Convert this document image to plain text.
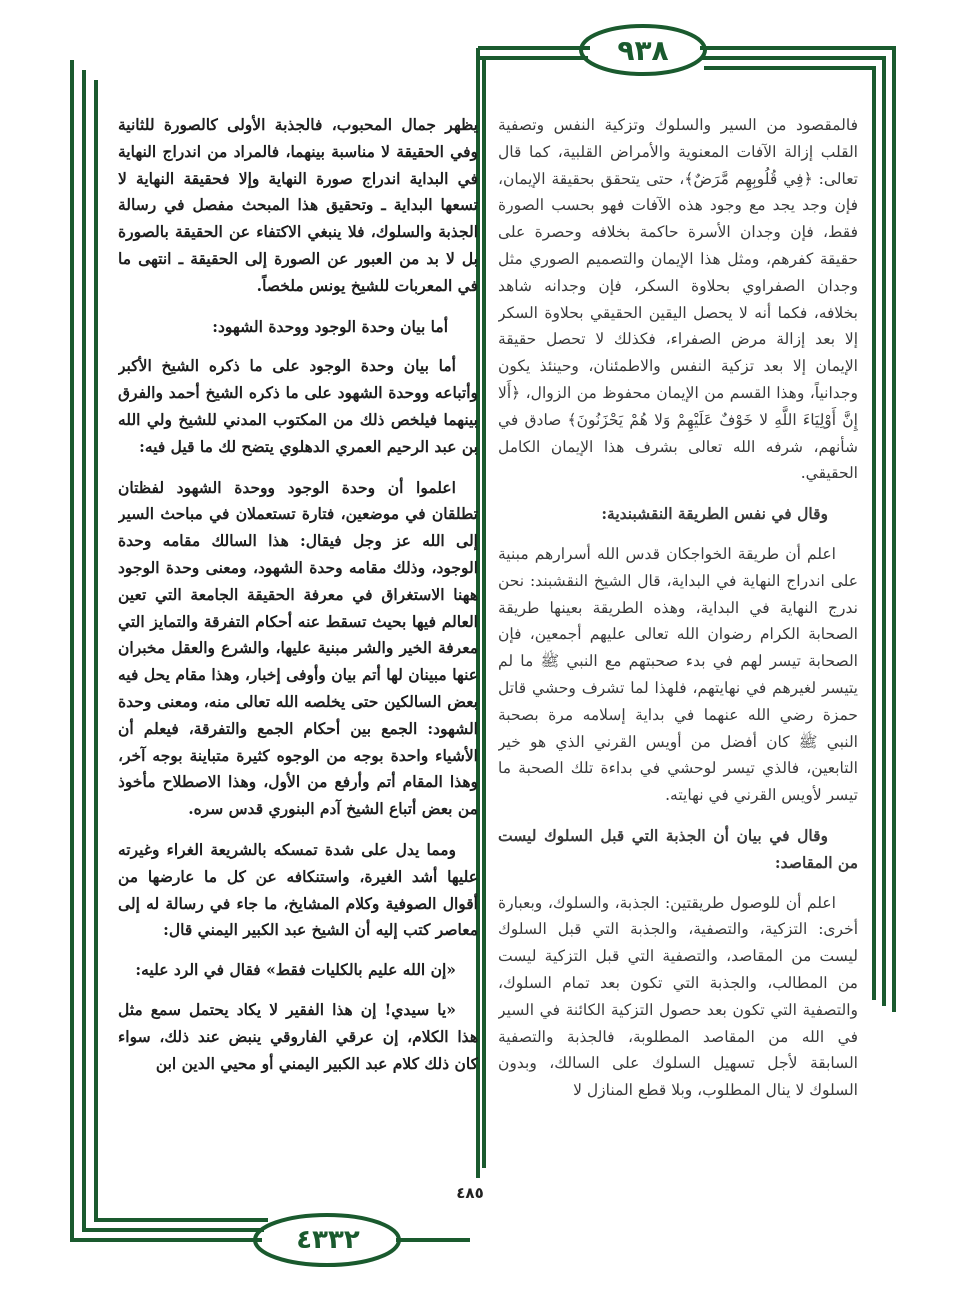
٩٣٨
٤٨٥
٤٣٣٢

فالمقصود من السير والسلوك وتزكية النفس وتصفية القلب إزالة الآفات المعنوية والأمراض القلبية، كما قال تعالى: ﴿فِي قُلُوبِهِم مَّرَضٌ﴾، حتى يتحقق بحقيقة الإيمان، فإن وجد يجد مع وجود هذه الآفات فهو بحسب الصورة فقط، فإن وجدان الأسرة حاكمة بخلافه وحصرة على حقيقة كفرهم، ومثل هذا الإيمان والتصميم الصوري مثل وجدان الصفراوي بحلاوة السكر، فإن وجدانه شاهد بخلافه، فكما أنه لا يحصل اليقين الحقيقي بحلاوة السكر إلا بعد إزالة مرض الصفراء، فكذلك لا تحصل حقيقة الإيمان إلا بعد تزكية النفس والاطمئنان، وحينئذ يكون وجدانياً، وهذا القسم من الإيمان محفوظ من الزوال، ﴿أَلا إِنَّ أَوْلِيَاءَ اللَّهِ لا خَوْفٌ عَلَيْهِمْ وَلا هُمْ يَحْزَنُونَ﴾ صادق في شأنهم، شرفه الله تعالى بشرف هذا الإيمان الكامل الحقيقي.

وقال في نفس الطريقة النقشبندية:

اعلم أن طريقة الخواجكان قدس الله أسرارهم مبنية على اندراج النهاية في البداية، قال الشيخ النقشبند: نحن ندرج النهاية في البداية، وهذه الطريقة بعينها طريقة الصحابة الكرام رضوان الله تعالى عليهم أجمعين، فإن الصحابة تيسر لهم في بدء صحبتهم مع النبي ﷺ ما لم يتيسر لغيرهم في نهايتهم، فلهذا لما تشرف وحشي قاتل حمزة رضي الله عنهما في بداية إسلامه مرة بصحبة النبي ﷺ كان أفضل من أويس القرني الذي هو خير التابعين، فالذي تيسر لوحشي في بداءة تلك الصحبة ما تيسر لأويس القرني في نهايته.

وقال في بيان أن الجذبة التي قبل السلوك ليست من المقاصد:

اعلم أن للوصول طريقتين: الجذبة، والسلوك، وبعبارة أخرى: التزكية، والتصفية، والجذبة التي قبل السلوك ليست من المقاصد، والتصفية التي قبل التزكية ليست من المطالب، والجذبة التي تكون بعد تمام السلوك، والتصفية التي تكون بعد حصول التزكية الكائنة في السير في الله من المقاصد المطلوبة، فالجذبة والتصفية السابقة لأجل تسهيل السلوك على السالك، وبدون السلوك لا ينال المطلوب، وبلا قطع المنازل لا

يظهر جمال المحبوب، فالجذبة الأولى كالصورة للثانية وفي الحقيقة لا مناسبة بينهما، فالمراد من اندراج النهاية في البداية اندراج صورة النهاية وإلا فحقيقة النهاية لا تسعها البداية ـ وتحقيق هذا المبحث مفصل في رسالة الجذبة والسلوك، فلا ينبغي الاكتفاء عن الحقيقة بالصورة بل لا بد من العبور عن الصورة إلى الحقيقة ـ انتهى ما في المعربات للشيخ يونس ملخصاً.

أما بيان وحدة الوجود ووحدة الشهود:

أما بيان وحدة الوجود على ما ذكره الشيخ الأكبر وأتباعه ووحدة الشهود على ما ذكره الشيخ أحمد والفرق بينهما فيلخص ذلك من المكتوب المدني للشيخ ولي الله بن عبد الرحيم العمري الدهلوي يتضح لك ما قيل فيه:

اعلموا أن وحدة الوجود ووحدة الشهود لفظتان تطلقان في موضعين، فتارة تستعملان في مباحث السير إلى الله عز وجل فيقال: هذا السالك مقامه وحدة الوجود، وذلك مقامه وحدة الشهود، ومعنى وحدة الوجود ههنا الاستغراق في معرفة الحقيقة الجامعة التي تعين العالم فيها بحيث تسقط عنه أحكام التفرقة والتمايز التي معرفة الخير والشر مبنية عليها، والشرع والعقل مخبران عنها مبينان لها أتم بيان وأوفى إخبار، وهذا مقام يحل فيه بعض السالكين حتى يخلصه الله تعالى منه، ومعنى وحدة الشهود: الجمع بين أحكام الجمع والتفرقة، فيعلم أن الأشياء واحدة بوجه من الوجوه كثيرة متباينة بوجه آخر، وهذا المقام أتم وأرفع من الأول، وهذا الاصطلاح مأخوذ من بعض أتباع الشيخ آدم البنوري قدس سره.

ومما يدل على شدة تمسكه بالشريعة الغراء وغيرته عليها أشد الغيرة، واستنكافه عن كل ما عارضها من أقوال الصوفية وكلام المشايخ، ما جاء في رسالة له إلى معاصر كتب إليه أن الشيخ عبد الكبير اليمني قال:

«إن الله عليم بالكليات فقط» فقال في الرد عليه:

«يا سيدي! إن هذا الفقير لا يكاد يحتمل سمع مثل هذا الكلام، إن عرقي الفاروقي ينبض عند ذلك، سواء كان ذلك كلام عبد الكبير اليمني أو محيي الدين ابن
